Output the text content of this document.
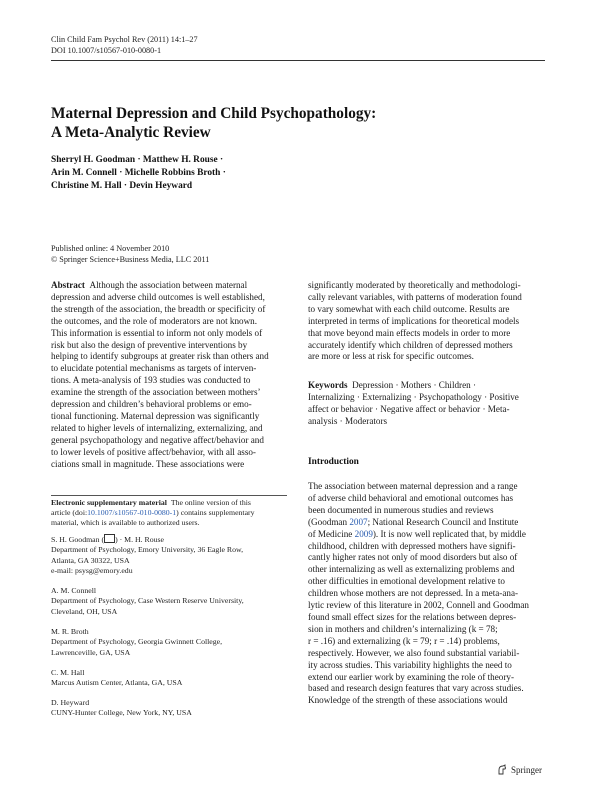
Clin Child Fam Psychol Rev (2011) 14:1–27
DOI 10.1007/s10567-010-0080-1
Maternal Depression and Child Psychopathology:
A Meta-Analytic Review
Sherryl H. Goodman · Matthew H. Rouse ·
Arin M. Connell · Michelle Robbins Broth ·
Christine M. Hall · Devin Heyward
Published online: 4 November 2010
© Springer Science+Business Media, LLC 2011

Abstract Although the association between maternal

depression and adverse child outcomes is well established,

the strength of the association, the breadth or specificity of

the outcomes, and the role of moderators are not known.

This information is essential to inform not only models of

risk but also the design of preventive interventions by

helping to identify subgroups at greater risk than others and

to elucidate potential mechanisms as targets of interven-

tions. A meta-analysis of 193 studies was conducted to

examine the strength of the association between mothers’

depression and children’s behavioral problems or emo-

tional functioning. Maternal depression was significantly

related to higher levels of internalizing, externalizing, and

general psychopathology and negative affect/behavior and

to lower levels of positive affect/behavior, with all asso-

ciations small in magnitude. These associations were

Electronic supplementary material The online version of this
article (doi:10.1007/s10567-010-0080-1) contains supplementary
material, which is available to authorized users.
S. H. Goodman ( ) · M. H. Rouse
Department of Psychology, Emory University, 36 Eagle Row,
Atlanta, GA 30322, USA
e-mail: psysg@emory.edu
A. M. Connell
Department of Psychology, Case Western Reserve University,
Cleveland, OH, USA
M. R. Broth
Department of Psychology, Georgia Gwinnett College,
Lawrenceville, GA, USA
C. M. Hall
Marcus Autism Center, Atlanta, GA, USA
D. Heyward
CUNY-Hunter College, New York, NY, USA

significantly moderated by theoretically and methodologi-

cally relevant variables, with patterns of moderation found

to vary somewhat with each child outcome. Results are

interpreted in terms of implications for theoretical models

that move beyond main effects models in order to more

accurately identify which children of depressed mothers

are more or less at risk for specific outcomes.

Keywords Depression · Mothers · Children ·

Internalizing · Externalizing · Psychopathology · Positive

affect or behavior · Negative affect or behavior · Meta-

analysis · Moderators

Introduction

The association between maternal depression and a range

of adverse child behavioral and emotional outcomes has

been documented in numerous studies and reviews

(Goodman 2007; National Research Council and Institute

of Medicine 2009). It is now well replicated that, by middle

childhood, children with depressed mothers have signifi-

cantly higher rates not only of mood disorders but also of

other internalizing as well as externalizing problems and

other difficulties in emotional development relative to

children whose mothers are not depressed. In a meta-ana-

lytic review of this literature in 2002, Connell and Goodman

found small effect sizes for the relations between depres-

sion in mothers and children’s internalizing (k = 78;

r = .16) and externalizing (k = 79; r = .14) problems,

respectively. However, we also found substantial variabil-

ity across studies. This variability highlights the need to

extend our earlier work by examining the role of theory-

based and research design features that vary across studies.

Knowledge of the strength of these associations would

Springer
